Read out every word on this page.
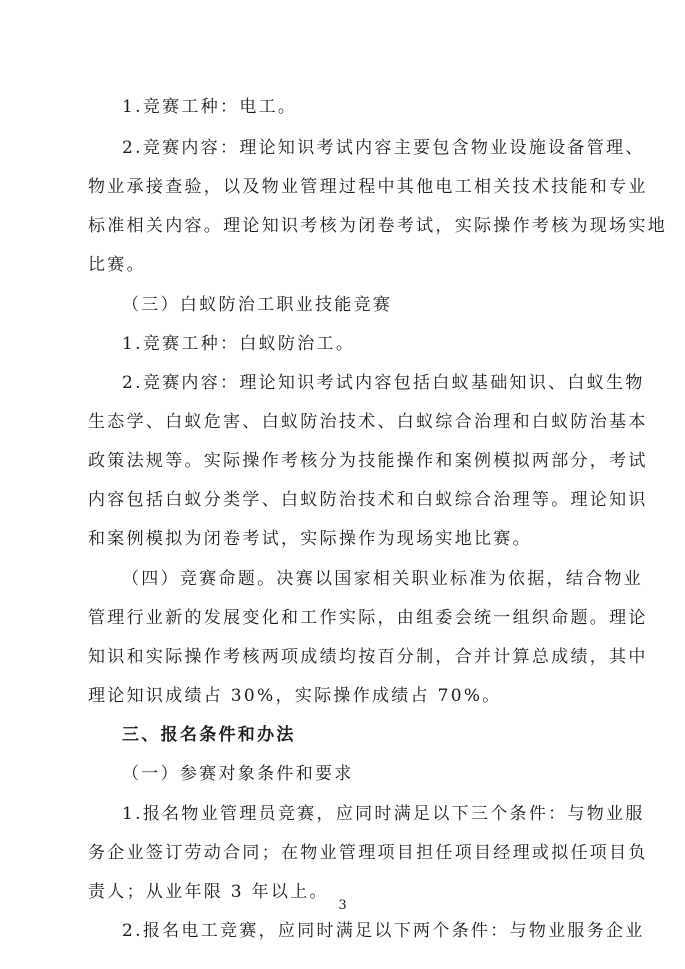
1.竞赛工种：电工。
2.竞赛内容：理论知识考试内容主要包含物业设施设备管理、
物业承接查验，以及物业管理过程中其他电工相关技术技能和专业
标准相关内容。理论知识考核为闭卷考试，实际操作考核为现场实地
比赛。
（三）白蚁防治工职业技能竞赛
1.竞赛工种：白蚁防治工。
2.竞赛内容：理论知识考试内容包括白蚁基础知识、白蚁生物
生态学、白蚁危害、白蚁防治技术、白蚁综合治理和白蚁防治基本
政策法规等。实际操作考核分为技能操作和案例模拟两部分，考试
内容包括白蚁分类学、白蚁防治技术和白蚁综合治理等。理论知识
和案例模拟为闭卷考试，实际操作为现场实地比赛。
（四）竞赛命题。决赛以国家相关职业标准为依据，结合物业
管理行业新的发展变化和工作实际，由组委会统一组织命题。理论
知识和实际操作考核两项成绩均按百分制，合并计算总成绩，其中
理论知识成绩占 30%，实际操作成绩占 70%。
三、报名条件和办法
（一）参赛对象条件和要求
1.报名物业管理员竞赛，应同时满足以下三个条件：与物业服
务企业签订劳动合同；在物业管理项目担任项目经理或拟任项目负
责人；从业年限 3 年以上。
2.报名电工竞赛，应同时满足以下两个条件：与物业服务企业
3
